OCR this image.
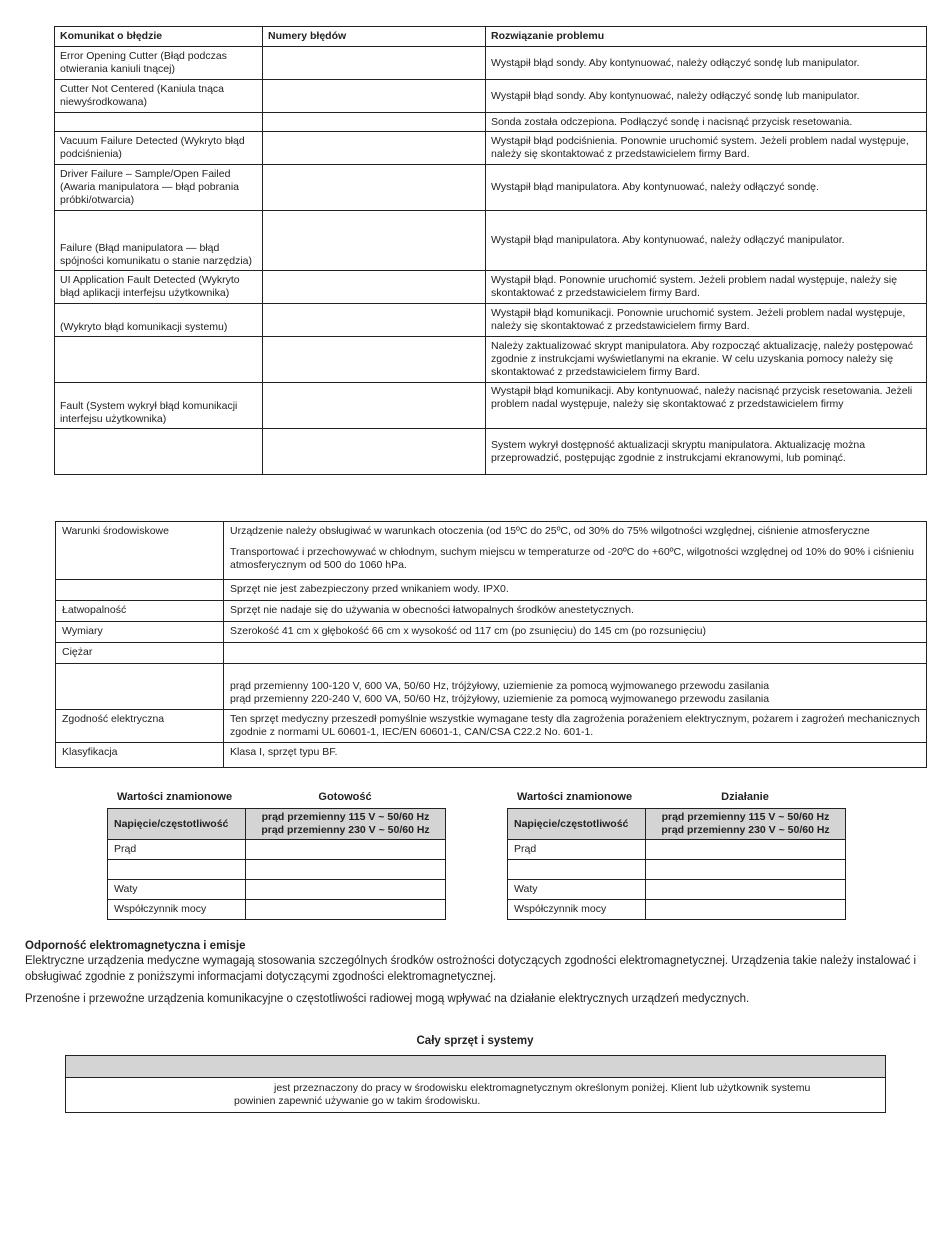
Komunikat o błędzie	Numery błędów	Rozwiązanie problemu
Error Opening Cutter (Błąd podczas otwierania kaniuli tnącej)		Wystąpił błąd sondy. Aby kontynuować, należy odłączyć sondę lub manipulator.
Cutter Not Centered (Kaniula tnąca niewyśrodkowana)		Wystąpił błąd sondy. Aby kontynuować, należy odłączyć sondę lub manipulator.
		Sonda została odczepiona. Podłączyć sondę i nacisnąć przycisk resetowania.
Vacuum Failure Detected (Wykryto błąd podciśnienia)		Wystąpił błąd podciśnienia. Ponownie uruchomić system. Jeżeli problem nadal występuje, należy się skontaktować z przedstawicielem firmy Bard.
Driver Failure – Sample/Open Failed (Awaria manipulatora — błąd pobrania próbki/otwarcia)		Wystąpił błąd manipulatora. Aby kontynuować, należy odłączyć sondę.
Failure (Błąd manipulatora — błąd spójności komunikatu o stanie narzędzia)		Wystąpił błąd manipulatora. Aby kontynuować, należy odłączyć manipulator.
UI Application Fault Detected (Wykryto błąd aplikacji interfejsu użytkownika)		Wystąpił błąd. Ponownie uruchomić system. Jeżeli problem nadal występuje, należy się skontaktować z przedstawicielem firmy Bard.
(Wykryto błąd komunikacji systemu)		Wystąpił błąd komunikacji. Ponownie uruchomić system. Jeżeli problem nadal występuje, należy się skontaktować z przedstawicielem firmy Bard.
		Należy zaktualizować skrypt manipulatora. Aby rozpocząć aktualizację, należy postępować zgodnie z instrukcjami wyświetlanymi na ekranie. W celu uzyskania pomocy należy się skontaktować z przedstawicielem firmy Bard.
Fault (System wykrył błąd komunikacji interfejsu użytkownika)		Wystąpił błąd komunikacji. Aby kontynuować, należy nacisnąć przycisk resetowania. Jeżeli problem nadal występuje, należy się skontaktować z przedstawicielem firmy
		System wykrył dostępność aktualizacji skryptu manipulatora. Aktualizację można przeprowadzić, postępując zgodnie z instrukcjami ekranowymi, lub pominąć.
Warunki środowiskowe	Urządzenie należy obsługiwać w warunkach otoczenia (od 15ºC do 25ºC, od 30% do 75% wilgotności względnej, ciśnienie atmosferyczne
Transportować i przechowywać w chłodnym, suchym miejscu w temperaturze od -20ºC do +60ºC, wilgotności względnej od 10% do 90% i ciśnieniu atmosferycznym od 500 do 1060 hPa.

	Sprzęt nie jest zabezpieczony przed wnikaniem wody. IPX0.

Łatwopalność	Sprzęt nie nadaje się do używania w obecności łatwopalnych środków anestetycznych.

Wymiary	Szerokość 41 cm x głębokość 66 cm x wysokość od 117 cm (po zsunięciu) do 145 cm (po rozsunięciu)

Ciężar	

	prąd przemienny 100-120 V, 600 VA, 50/60 Hz, trójżyłowy, uziemienie za pomocą wyjmowanego przewodu zasilania
prąd przemienny 220-240 V, 600 VA, 50/60 Hz, trójżyłowy, uziemienie za pomocą wyjmowanego przewodu zasilania

Zgodność elektryczna	Ten sprzęt medyczny przeszedł pomyślnie wszystkie wymagane testy dla zagrożenia porażeniem elektrycznym, pożarem i zagrożeń mechanicznych zgodnie z normami UL 60601-1, IEC/EN 60601-1, CAN/CSA C22.2 No. 601-1.

Klasyfikacja	Klasa I, sprzęt typu BF.
Wartości znamionowe	Gotowość
Napięcie/częstotliwość	prąd przemienny 115 V ~ 50/60 Hz
prąd przemienny 230 V ~ 50/60 Hz

Prąd	

Waty	
Współczynnik mocy	
Wartości znamionowe	Działanie
Napięcie/częstotliwość	prąd przemienny 115 V ~ 50/60 Hz
prąd przemienny 230 V ~ 50/60 Hz

Prąd	

Waty	
Współczynnik mocy	
Odporność elektromagnetyczna i emisje

Elektryczne urządzenia medyczne wymagają stosowania szczególnych środków ostrożności dotyczących zgodności elektromagnetycznej. Urządzenia takie należy instalować i obsługiwać zgodnie z poniższymi informacjami dotyczącymi zgodności elektromagnetycznej.

Przenośne i przewoźne urządzenia komunikacyjne o częstotliwości radiowej mogą wpływać na działanie elektrycznych urządzeń medycznych.

Cały sprzęt i systemy

jest przeznaczony do pracy w środowisku elektromagnetycznym określonym poniżej. Klient lub użytkownik systemu
powinien zapewnić używanie go w takim środowisku.
